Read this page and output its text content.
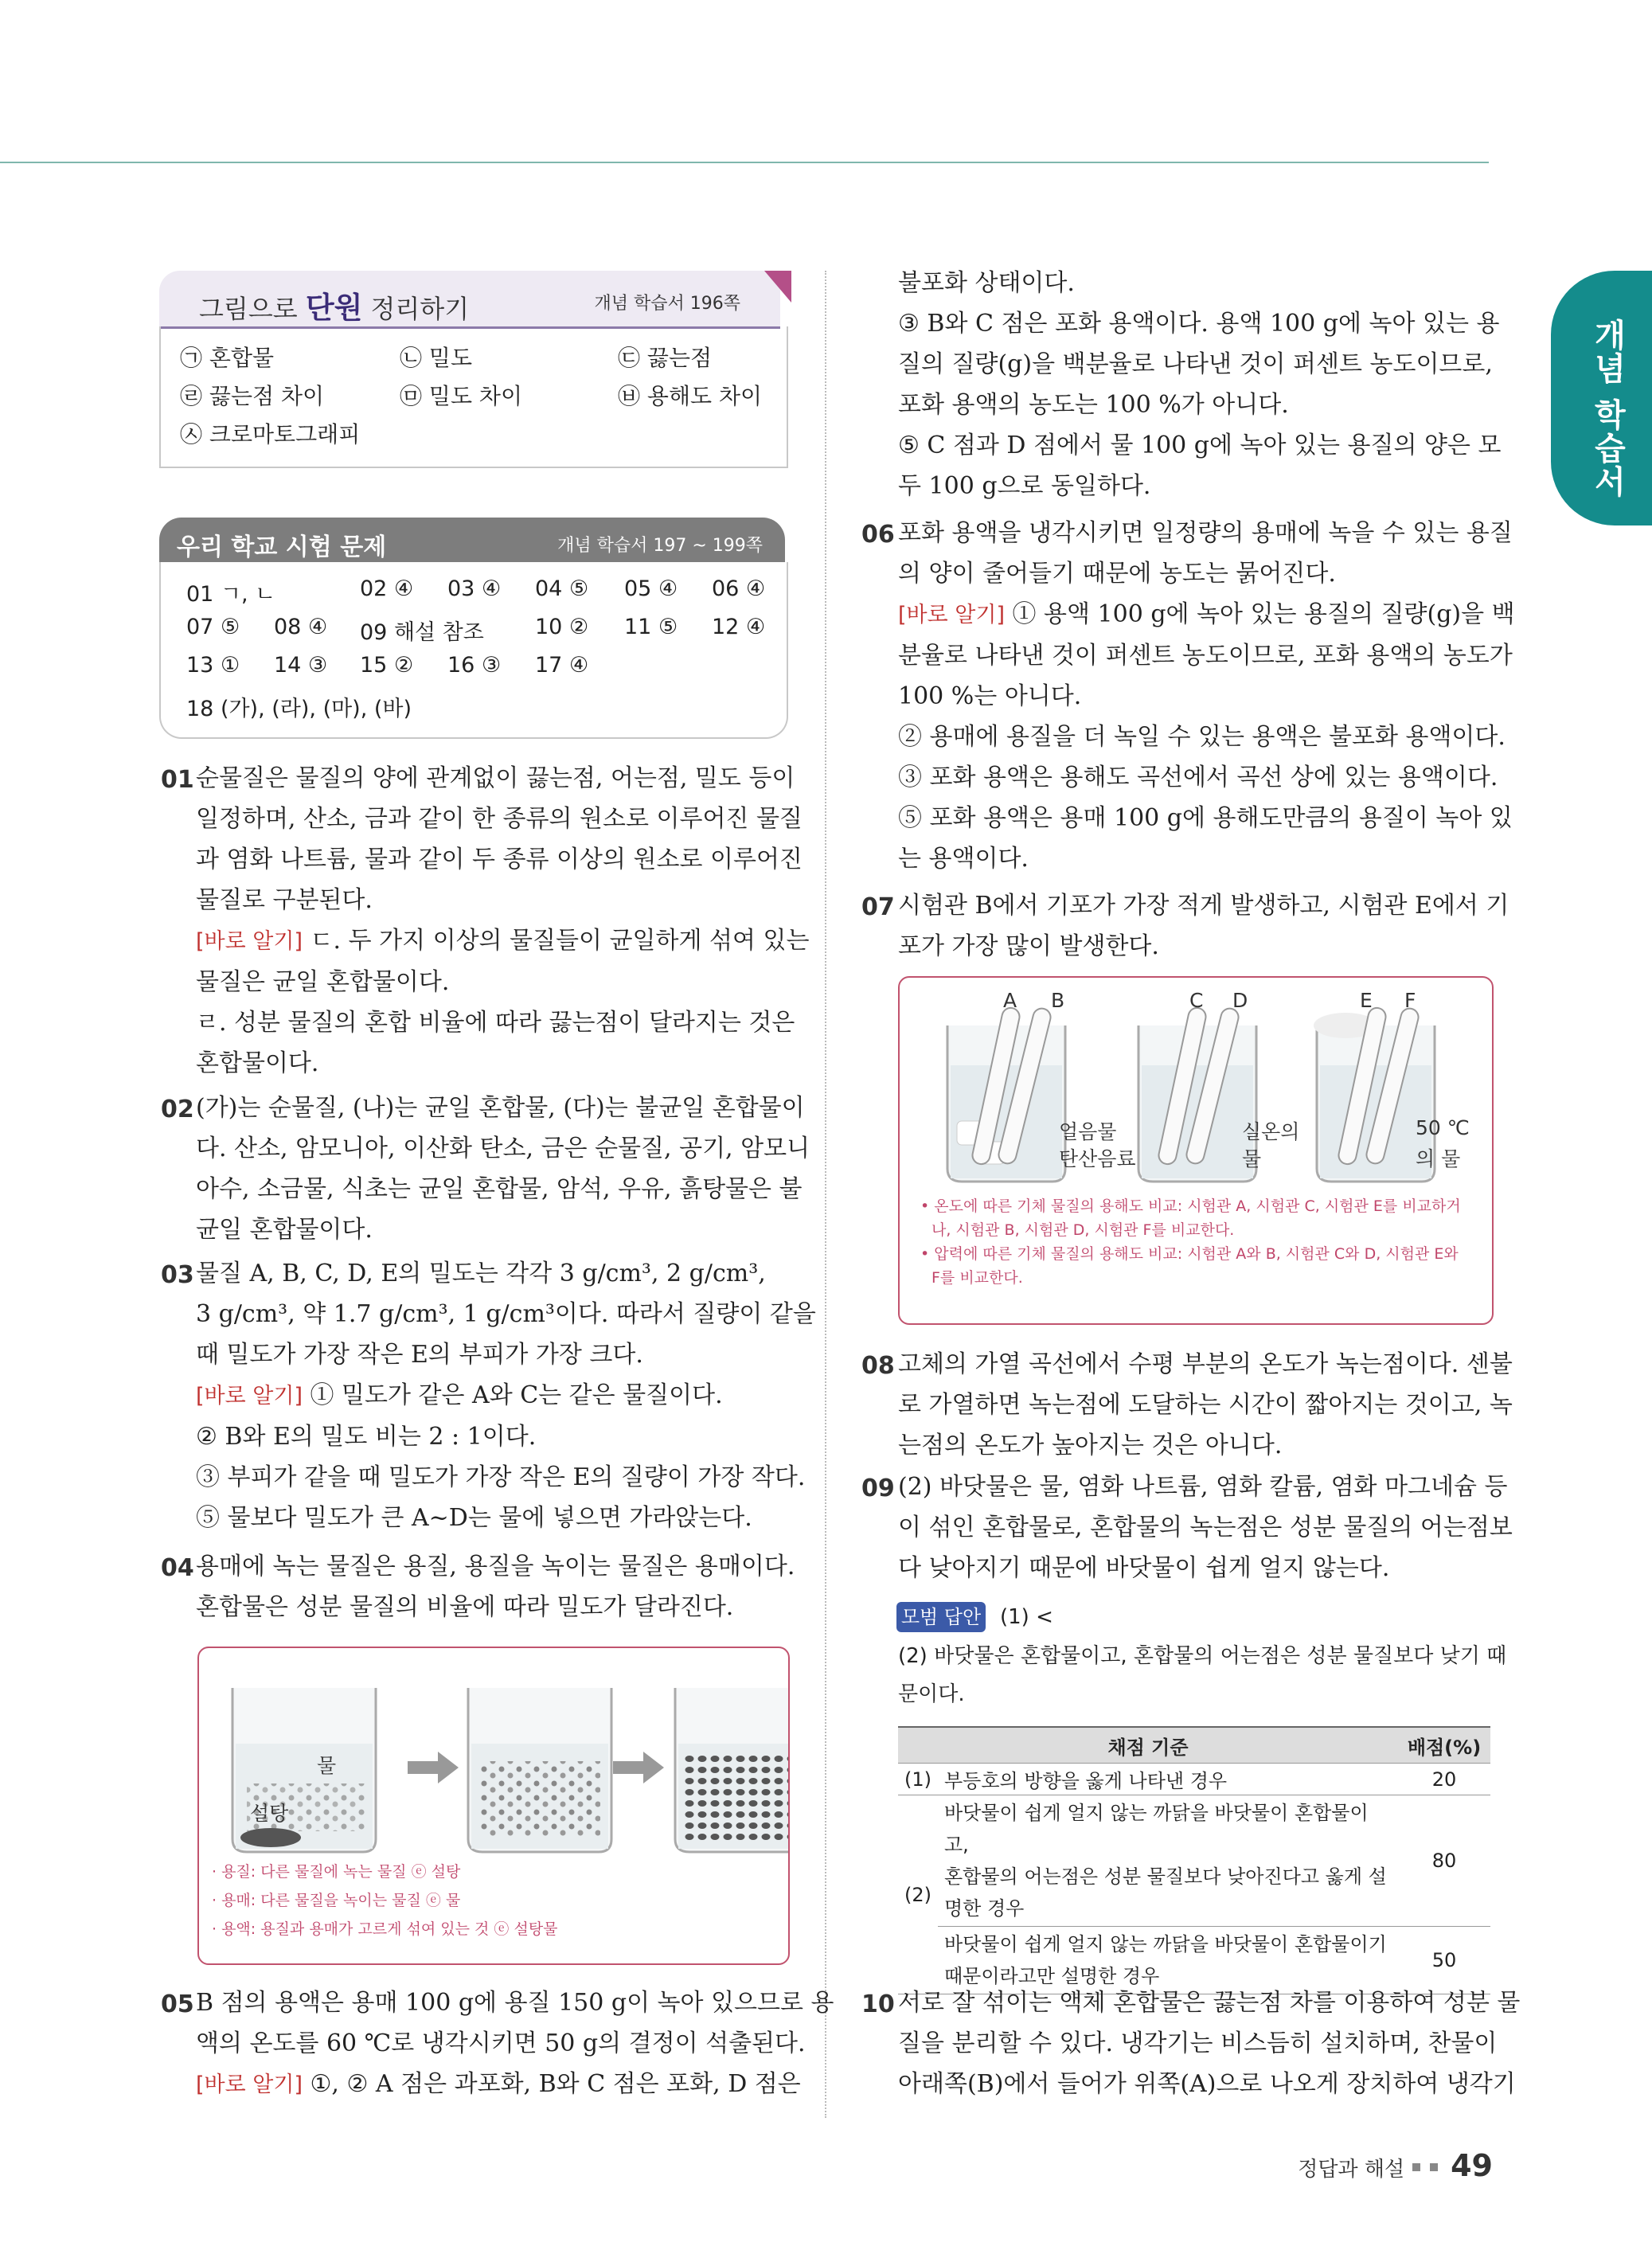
개념 학습서
그림으로 단원 정리하기	개념 학습서 196쪽
㉠ 혼합물	㉡ 밀도	㉢ 끓는점
㉣ 끓는점 차이	㉤ 밀도 차이	㉥ 용해도 차이
㉦ 크로마토그래피
우리 학교 시험 문제	개념 학습서 197 ~ 199쪽
01 ㄱ, ㄴ	02 ④ 03 ④ 04 ⑤ 05 ④ 06 ④
07 ⑤ 08 ④ 09 해설 참조 10 ② 11 ⑤ 12 ④
13 ① 14 ③ 15 ② 16 ③ 17 ④
18 (가), (라), (마), (바)
01 순물질은 물질의 양에 관계없이 끓는점, 어는점, 밀도 등이
일정하며, 산소, 금과 같이 한 종류의 원소로 이루어진 물질
과 염화 나트륨, 물과 같이 두 종류 이상의 원소로 이루어진
물질로 구분된다.
[바로 알기] ㄷ. 두 가지 이상의 물질들이 균일하게 섞여 있는
물질은 균일 혼합물이다.
ㄹ. 성분 물질의 혼합 비율에 따라 끓는점이 달라지는 것은
혼합물이다.
02 (가)는 순물질, (나)는 균일 혼합물, (다)는 불균일 혼합물이
다. 산소, 암모니아, 이산화 탄소, 금은 순물질, 공기, 암모니
아수, 소금물, 식초는 균일 혼합물, 암석, 우유, 흙탕물은 불
균일 혼합물이다.
03 물질 A, B, C, D, E의 밀도는 각각 3 g/cm³, 2 g/cm³,
3 g/cm³, 약 1.7 g/cm³, 1 g/cm³이다. 따라서 질량이 같을
때 밀도가 가장 작은 E의 부피가 가장 크다.
[바로 알기] ① 밀도가 같은 A와 C는 같은 물질이다.
② B와 E의 밀도 비는 2 : 1이다.
③ 부피가 같을 때 밀도가 가장 작은 E의 질량이 가장 작다.
⑤ 물보다 밀도가 큰 A~D는 물에 넣으면 가라앉는다.
04 용매에 녹는 물질은 용질, 용질을 녹이는 물질은 용매이다.
혼합물은 성분 물질의 비율에 따라 밀도가 달라진다.
물
설탕
· 용질: 다른 물질에 녹는 물질 ⓔ 설탕
· 용매: 다른 물질을 녹이는 물질 ⓔ 물
· 용액: 용질과 용매가 고르게 섞여 있는 것 ⓔ 설탕물
05 B 점의 용액은 용매 100 g에 용질 150 g이 녹아 있으므로 용
액의 온도를 60 ℃로 냉각시키면 50 g의 결정이 석출된다.
[바로 알기] ①, ② A 점은 과포화, B와 C 점은 포화, D 점은
불포화 상태이다.
③ B와 C 점은 포화 용액이다. 용액 100 g에 녹아 있는 용
질의 질량(g)을 백분율로 나타낸 것이 퍼센트 농도이므로,
포화 용액의 농도는 100 %가 아니다.
⑤ C 점과 D 점에서 물 100 g에 녹아 있는 용질의 양은 모
두 100 g으로 동일하다.
06 포화 용액을 냉각시키면 일정량의 용매에 녹을 수 있는 용질
의 양이 줄어들기 때문에 농도는 묽어진다.
[바로 알기] ① 용액 100 g에 녹아 있는 용질의 질량(g)을 백
분율로 나타낸 것이 퍼센트 농도이므로, 포화 용액의 농도가
100 %는 아니다.
② 용매에 용질을 더 녹일 수 있는 용액은 불포화 용액이다.
③ 포화 용액은 용해도 곡선에서 곡선 상에 있는 용액이다.
⑤ 포화 용액은 용매 100 g에 용해도만큼의 용질이 녹아 있
는 용액이다.
07 시험관 B에서 기포가 가장 적게 발생하고, 시험관 E에서 기
포가 가장 많이 발생한다.
A B	C D	E F
얼음물
탄산음료
실온의
물
50 ℃
의 물
• 온도에 따른 기체 물질의 용해도 비교: 시험관 A, 시험관 C, 시험관 E를 비교하거
나, 시험관 B, 시험관 D, 시험관 F를 비교한다.
• 압력에 따른 기체 물질의 용해도 비교: 시험관 A와 B, 시험관 C와 D, 시험관 E와
F를 비교한다.
08 고체의 가열 곡선에서 수평 부분의 온도가 녹는점이다. 센불
로 가열하면 녹는점에 도달하는 시간이 짧아지는 것이고, 녹
는점의 온도가 높아지는 것은 아니다.
09 (2) 바닷물은 물, 염화 나트륨, 염화 칼륨, 염화 마그네슘 등
이 섞인 혼합물로, 혼합물의 녹는점은 성분 물질의 어는점보
다 낮아지기 때문에 바닷물이 쉽게 얼지 않는다.
모범 답안 (1) <
(2) 바닷물은 혼합물이고, 혼합물의 어는점은 성분 물질보다 낮기 때
문이다.
채점 기준		배점(%)
(1)	부등호의 방향을 옳게 나타낸 경우	20
(2)	바닷물이 쉽게 얼지 않는 까닭을 바닷물이 혼합물이고,
혼합물의 어는점은 성분 물질보다 낮아진다고 옳게 설
명한 경우	80

	바닷물이 쉽게 얼지 않는 까닭을 바닷물이 혼합물이기
때문이라고만 설명한 경우	50
10 서로 잘 섞이는 액체 혼합물은 끓는점 차를 이용하여 성분 물
질을 분리할 수 있다. 냉각기는 비스듬히 설치하며, 찬물이
아래쪽(B)에서 들어가 위쪽(A)으로 나오게 장치하여 냉각기
정답과 해설 49
